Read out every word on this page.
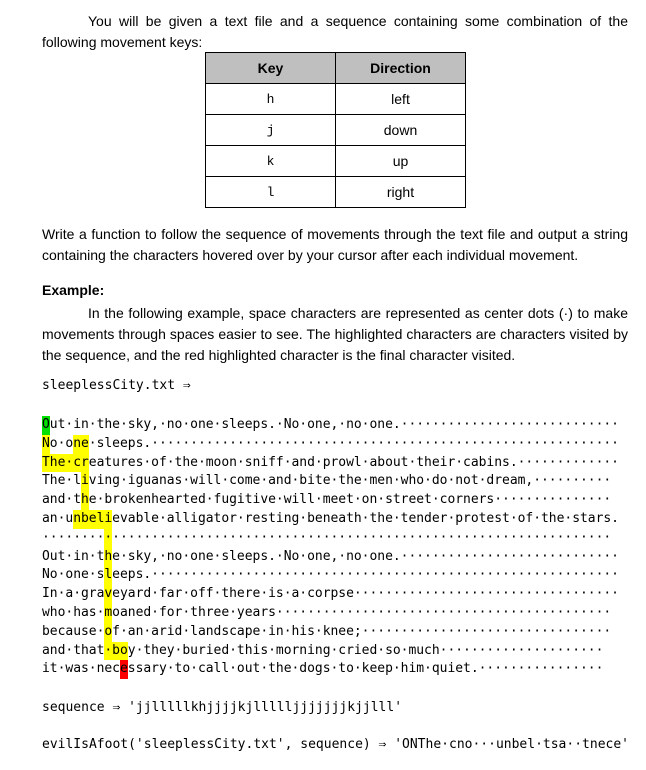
You will be given a text file and a sequence containing some combination of the following movement keys:

Key	Direction
h	left
j	down
k	up
l	right

Write a function to follow the sequence of movements through the text file and output a string containing the characters hovered over by your cursor after each individual movement.

Example:

In the following example, space characters are represented as center dots (·) to make movements through spaces easier to see. The highlighted characters are characters visited by the sequence, and the red highlighted character is the final character visited.

sleeplessCity.txt ⇒

Out·in·the·sky,·no·one·sleeps.·No·one,·no·one.····························
No·one·sleeps.····························································
The·creatures·of·the·moon·sniff·and·prowl·about·their·cabins.·············
The·living·iguanas·will·come·and·bite·the·men·who·do·not·dream,··········
and·the·brokenhearted·fugitive·will·meet·on·street·corners···············
an·unbelievable·alligator·resting·beneath·the·tender·protest·of·the·stars.
·········································································
Out·in·the·sky,·no·one·sleeps.·No·one,·no·one.····························
No·one·sleeps.····························································
In·a·graveyard·far·off·there·is·a·corpse··································
who·has·moaned·for·three·years···········································
because·of·an·arid·landscape·in·his·knee;································
and·that·boy·they·buried·this·morning·cried·so·much·····················
it·was·necessary·to·call·out·the·dogs·to·keep·him·quiet.················

sequence ⇒ 'jjlllllkhjjjjkjllllljjjjjjjkjjlll'

evilIsAfoot('sleeplessCity.txt', sequence) ⇒ 'ONThe·cno···unbel·tsa··tnece'
